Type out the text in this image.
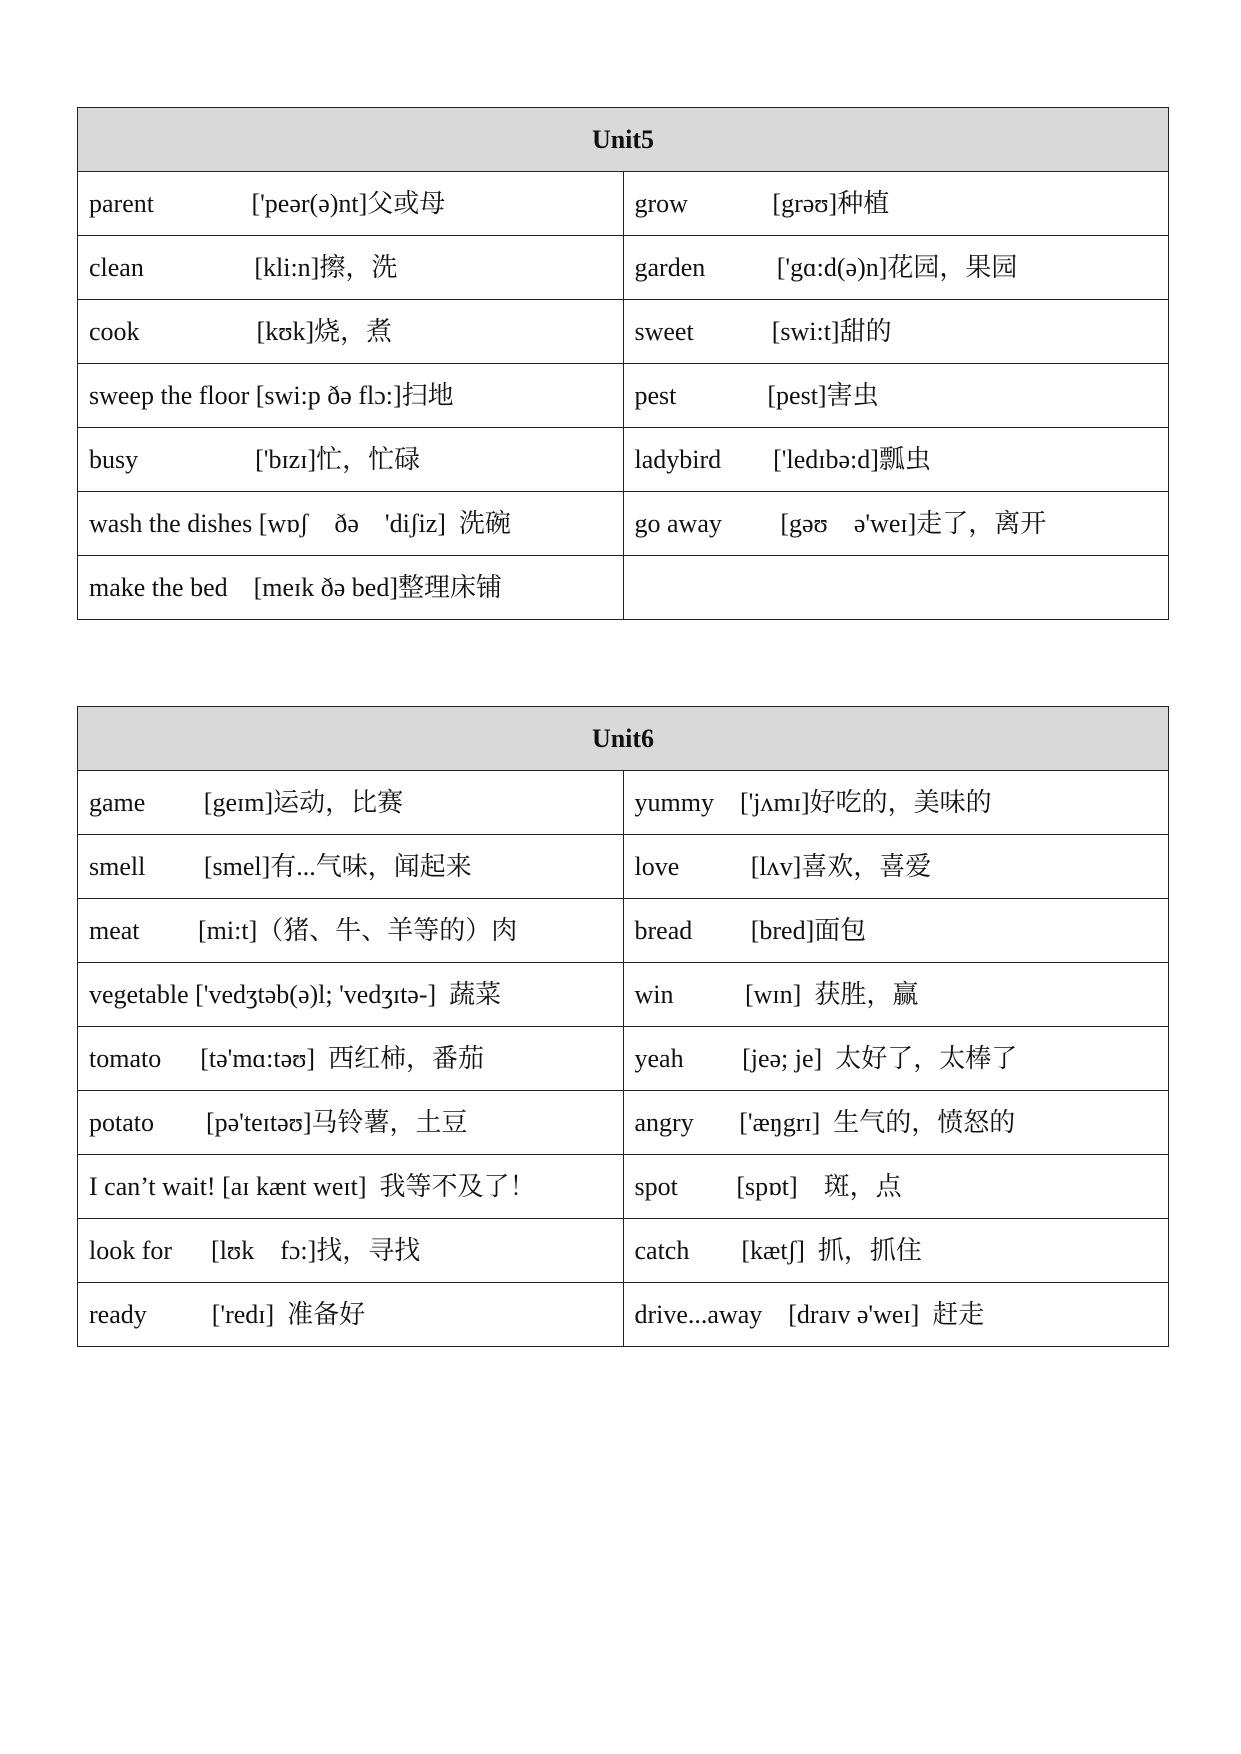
Unit5	
parent               ['peər(ə)nt]父或母	grow             [grəʊ]种植
clean                 [kli:n]擦，洗	garden           ['gɑ:d(ə)n]花园，果园
cook                  [kʊk]烧，煮	sweet            [swi:t]甜的
sweep the floor [swi:p ðə flɔ:]扫地	pest              [pest]害虫
busy                  ['bɪzɪ]忙，忙碌	ladybird        ['ledɪbə:d]瓢虫
wash the dishes [wɒʃ    ðə    'diʃiz]  洗碗	go away         [gəʊ    ə'weɪ]走了，离开
make the bed    [meɪk ðə bed]整理床铺	
Unit6	
game         [geɪm]运动，比赛	yummy    ['jʌmɪ]好吃的，美味的
smell         [smel]有...气味，闻起来	love           [lʌv]喜欢，喜爱
meat         [mi:t]（猪、牛、羊等的）肉	bread         [bred]面包
vegetable ['vedʒtəb(ə)l; 'vedʒɪtə-]  蔬菜	win           [wɪn]  获胜，赢
tomato      [tə'mɑ:təʊ]  西红柿，番茄	yeah         [jeə; je]  太好了，太棒了
potato        [pə'teɪtəʊ]马铃薯，土豆	angry       ['æŋgrɪ]  生气的，愤怒的
I can’t wait! [aɪ kænt weɪt]  我等不及了！	spot         [spɒt]    斑，点
look for      [lʊk    fɔ:]找，寻找	catch        [kætʃ]  抓，抓住
ready          ['redɪ]  准备好	drive...away    [draɪv ə'weɪ]  赶走
